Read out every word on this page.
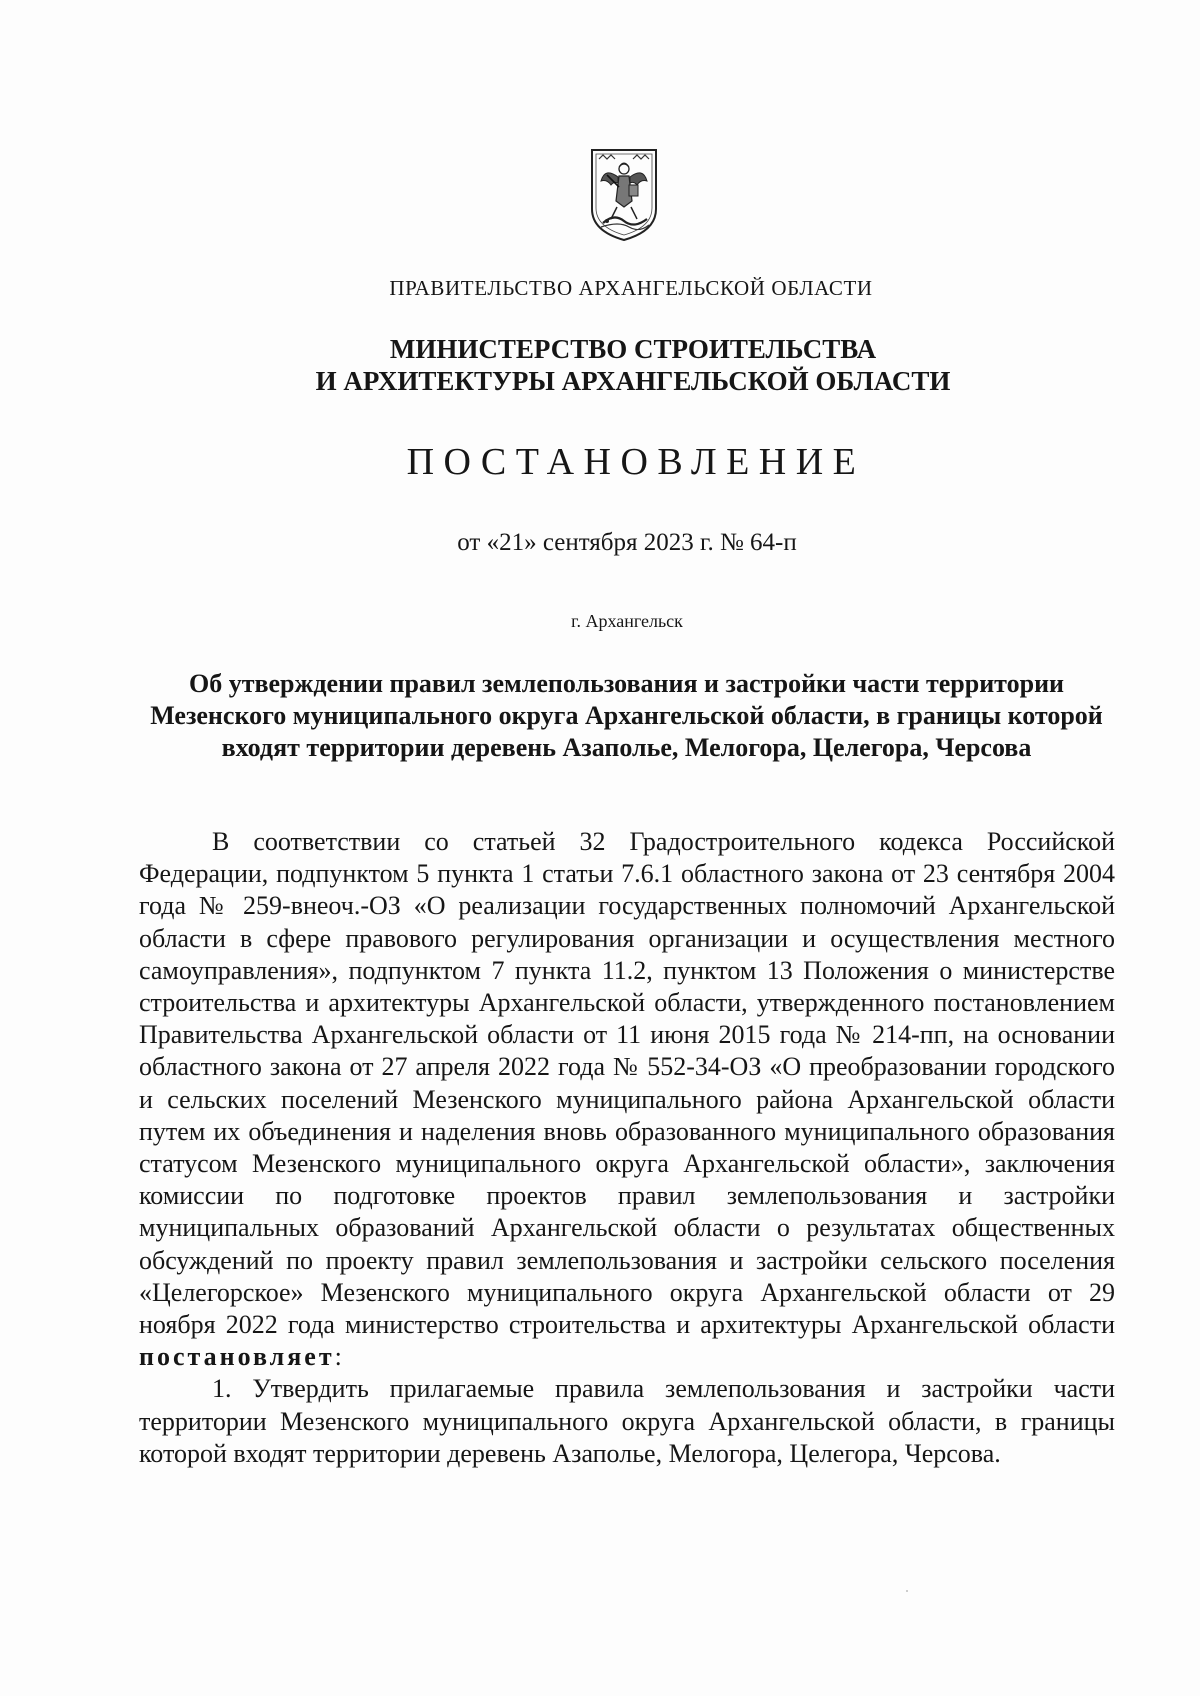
ПРАВИТЕЛЬСТВО АРХАНГЕЛЬСКОЙ ОБЛАСТИ
МИНИСТЕРСТВО СТРОИТЕЛЬСТВА
И АРХИТЕКТУРЫ АРХАНГЕЛЬСКОЙ ОБЛАСТИ
ПОСТАНОВЛЕНИЕ
от «21» сентября 2023 г. № 64-п
г. Архангельск
Об утверждении правил землепользования и застройки части территории Мезенского муниципального округа Архангельской области, в границы которой входят территории деревень Азаполье, Мелогора, Целегора, Черсова

В соответствии со статьей 32 Градостроительного кодекса Российской Федерации, подпунктом 5 пункта 1 статьи 7.6.1 областного закона от 23 сентября 2004 года № 259-внеоч.-ОЗ «О реализации государственных полномочий Архангельской области в сфере правового регулирования организации и осуществления местного самоуправления», подпунктом 7 пункта 11.2, пунктом 13 Положения о министерстве строительства и архитектуры Архангельской области, утвержденного постановлением Правительства Архангельской области от 11 июня 2015 года № 214-пп, на основании областного закона от 27 апреля 2022 года № 552-34-ОЗ «О преобразовании городского и сельских поселений Мезенского муниципального района Архангельской области путем их объединения и наделения вновь образованного муниципального образования статусом Мезенского муниципального округа Архангельской области», заключения комиссии по подготовке проектов правил землепользования и застройки муниципальных образований Архангельской области о результатах общественных обсуждений по проекту правил землепользования и застройки сельского поселения «Целегорское» Мезенского муниципального округа Архангельской области от 29 ноября 2022 года министерство строительства и архитектуры Архангельской области постановляет:

1. Утвердить прилагаемые правила землепользования и застройки части территории Мезенского муниципального округа Архангельской области, в границы которой входят территории деревень Азаполье, Мелогора, Целегора, Черсова.
